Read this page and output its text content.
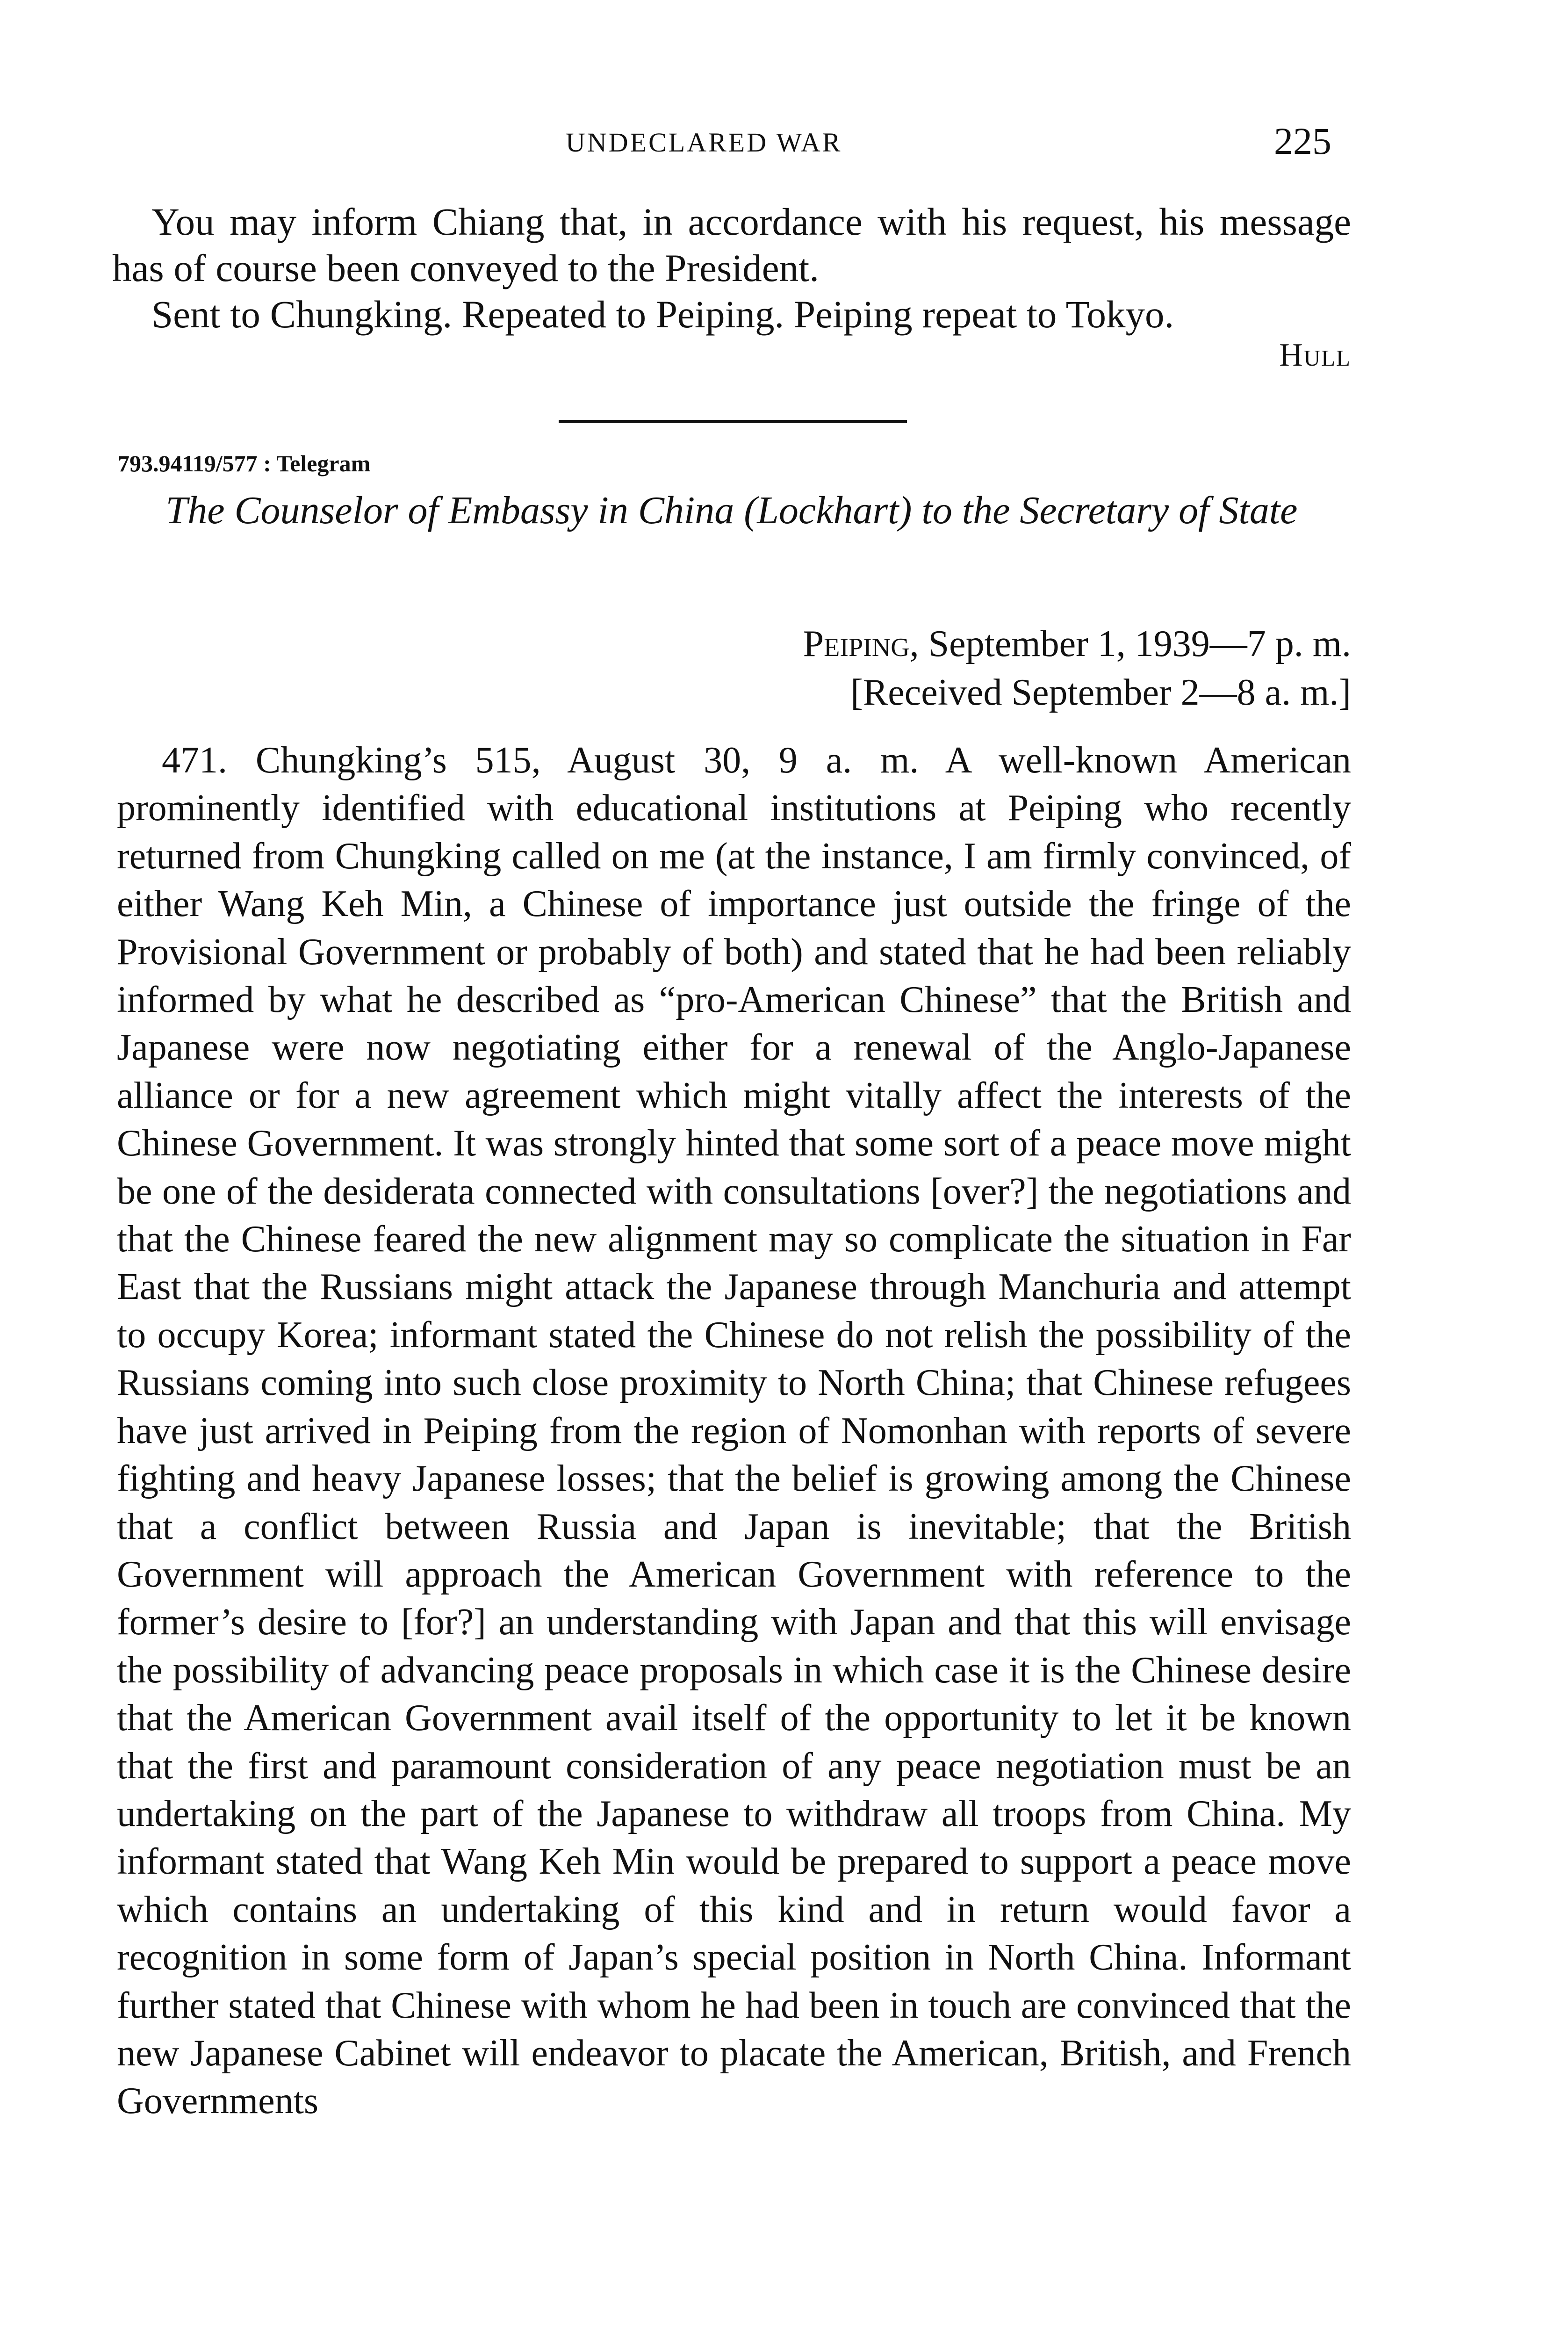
UNDECLARED WAR	225

You may inform Chiang that, in accordance with his request, his message has of course been conveyed to the President.

Sent to Chungking. Repeated to Peiping. Peiping repeat to Tokyo.

Hull
793.94119/577 : Telegram
The Counselor of Embassy in China (Lockhart) to the Secretary of State
Peiping, September 1, 1939—7 p. m.
[Received September 2—8 a. m.]

471. Chungking’s 515, August 30, 9 a. m. A well-known American prominently identified with educational institutions at Peiping who recently returned from Chungking called on me (at the instance, I am firmly convinced, of either Wang Keh Min, a Chinese of importance just outside the fringe of the Provisional Government or probably of both) and stated that he had been reliably informed by what he described as “pro-American Chinese” that the British and Japanese were now negotiating either for a renewal of the Anglo-Japanese alliance or for a new agreement which might vitally affect the interests of the Chinese Government. It was strongly hinted that some sort of a peace move might be one of the desiderata connected with consultations [over?] the negotiations and that the Chinese feared the new alignment may so complicate the situation in Far East that the Russians might attack the Japanese through Manchuria and attempt to occupy Korea; informant stated the Chinese do not relish the possibility of the Russians coming into such close proximity to North China; that Chinese refugees have just arrived in Peiping from the region of Nomonhan with reports of severe fighting and heavy Japanese losses; that the belief is growing among the Chinese that a conflict between Russia and Japan is inevitable; that the British Government will approach the American Government with reference to the former’s desire to [for?] an understanding with Japan and that this will envisage the possibility of advancing peace proposals in which case it is the Chinese desire that the American Government avail itself of the opportunity to let it be known that the first and paramount consideration of any peace negotiation must be an undertaking on the part of the Japanese to withdraw all troops from China. My informant stated that Wang Keh Min would be prepared to support a peace move which contains an undertaking of this kind and in return would favor a recognition in some form of Japan’s special position in North China. Informant further stated that Chinese with whom he had been in touch are convinced that the new Japanese Cabinet will endeavor to placate the American, British, and French Governments
